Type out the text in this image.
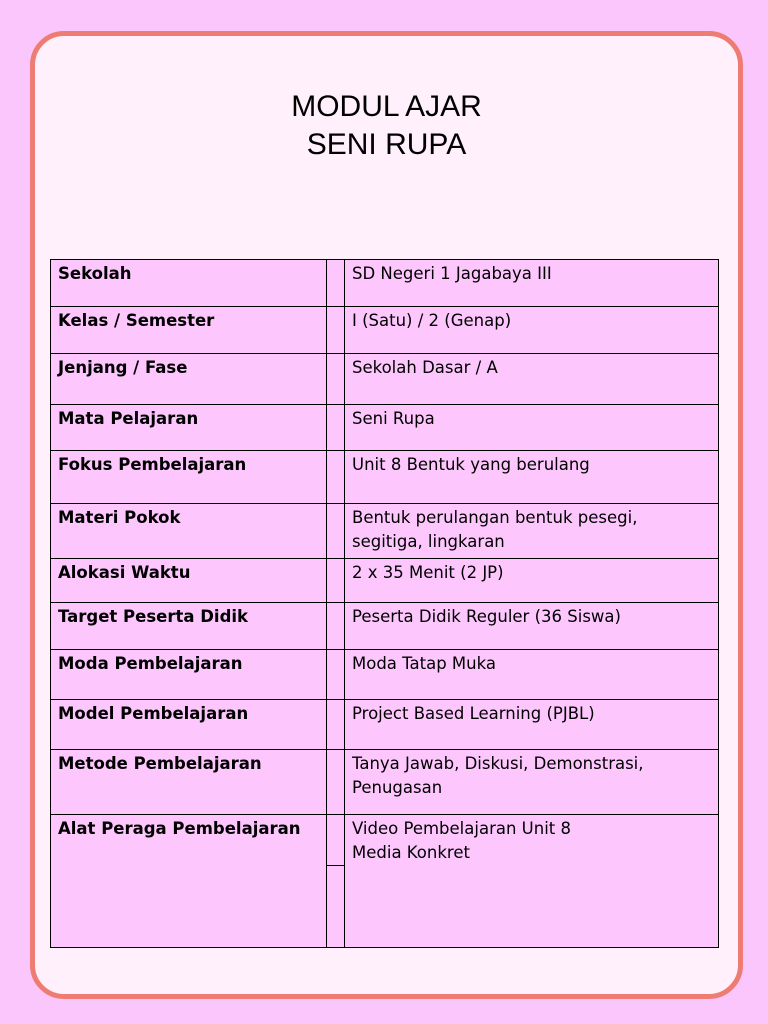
MODUL AJAR
SENI RUPA
Sekolah		SD Negeri 1 Jagabaya III
Kelas / Semester		I (Satu) / 2 (Genap)
Jenjang / Fase		Sekolah Dasar / A
Mata Pelajaran		Seni Rupa
Fokus Pembelajaran		Unit 8 Bentuk yang berulang
Materi Pokok		Bentuk perulangan bentuk pesegi,
segitiga, lingkaran
Alokasi Waktu		2 x 35 Menit (2 JP)
Target Peserta Didik		Peserta Didik Reguler (36 Siswa)
Moda Pembelajaran		Moda Tatap Muka
Model Pembelajaran		Project Based Learning (PJBL)
Metode Pembelajaran		Tanya Jawab, Diskusi, Demonstrasi,
Penugasan
Alat Peraga Pembelajaran		Video Pembelajaran Unit 8
Media Konkret
